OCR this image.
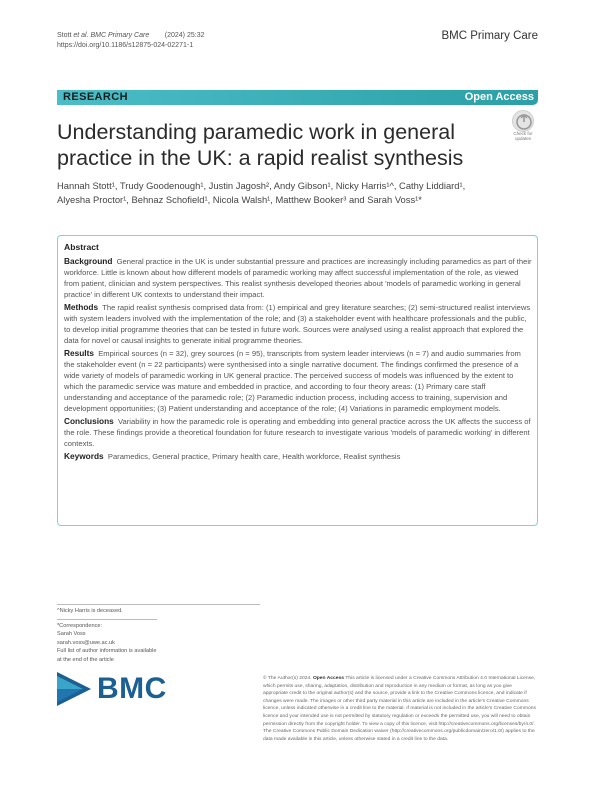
Stott et al. BMC Primary Care (2024) 25:32
https://doi.org/10.1186/s12875-024-02271-1
BMC Primary Care
RESEARCH	Open Access
Understanding paramedic work in general practice in the UK: a rapid realist synthesis
Check for
updates
Hannah Stott¹, Trudy Goodenough¹, Justin Jagosh², Andy Gibson¹, Nicky Harris¹^, Cathy Liddiard¹,
Alyesha Proctor¹, Behnaz Schofield¹, Nicola Walsh¹, Matthew Booker³ and Sarah Voss¹*
Abstract

Background General practice in the UK is under substantial pressure and practices are increasingly including paramedics as part of their workforce. Little is known about how different models of paramedic working may affect successful implementation of the role, as viewed from patient, clinician and system perspectives. This realist synthesis developed theories about 'models of paramedic working in general practice' in different UK contexts to understand their impact.

Methods The rapid realist synthesis comprised data from: (1) empirical and grey literature searches; (2) semi-structured realist interviews with system leaders involved with the implementation of the role; and (3) a stakeholder event with healthcare professionals and the public, to develop initial programme theories that can be tested in future work. Sources were analysed using a realist approach that explored the data for novel or causal insights to generate initial programme theories.

Results Empirical sources (n = 32), grey sources (n = 95), transcripts from system leader interviews (n = 7) and audio summaries from the stakeholder event (n = 22 participants) were synthesised into a single narrative document. The findings confirmed the presence of a wide variety of models of paramedic working in UK general practice. The perceived success of models was influenced by the extent to which the paramedic service was mature and embedded in practice, and according to four theory areas: (1) Primary care staff understanding and acceptance of the paramedic role; (2) Paramedic induction process, including access to training, supervision and development opportunities; (3) Patient understanding and acceptance of the role; (4) Variations in paramedic employment models.

Conclusions Variability in how the paramedic role is operating and embedding into general practice across the UK affects the success of the role. These findings provide a theoretical foundation for future research to investigate various 'models of paramedic working' in different contexts.

Keywords Paramedics, General practice, Primary health care, Health workforce, Realist synthesis

^Nicky Harris is deceased.
*Correspondence:
Sarah Voss
sarah.voss@uwe.ac.uk
Full list of author information is available at the end of the article
BMC	© The Author(s) 2024. Open Access This article is licensed under a Creative Commons Attribution 4.0 International License, which permits use, sharing, adaptation, distribution and reproduction in any medium or format, as long as you give appropriate credit to the original author(s) and the source, provide a link to the Creative Commons licence, and indicate if changes were made. The images or other third party material in this article are included in the article's Creative Commons licence, unless indicated otherwise in a credit line to the material. If material is not included in the article's Creative Commons licence and your intended use is not permitted by statutory regulation or exceeds the permitted use, you will need to obtain permission directly from the copyright holder. To view a copy of this licence, visit http://creativecommons.org/licenses/by/4.0/. The Creative Commons Public Domain Dedication waiver (http://creativecommons.org/publicdomain/zero/1.0/) applies to the data made available in this article, unless otherwise stated in a credit line to the data.
